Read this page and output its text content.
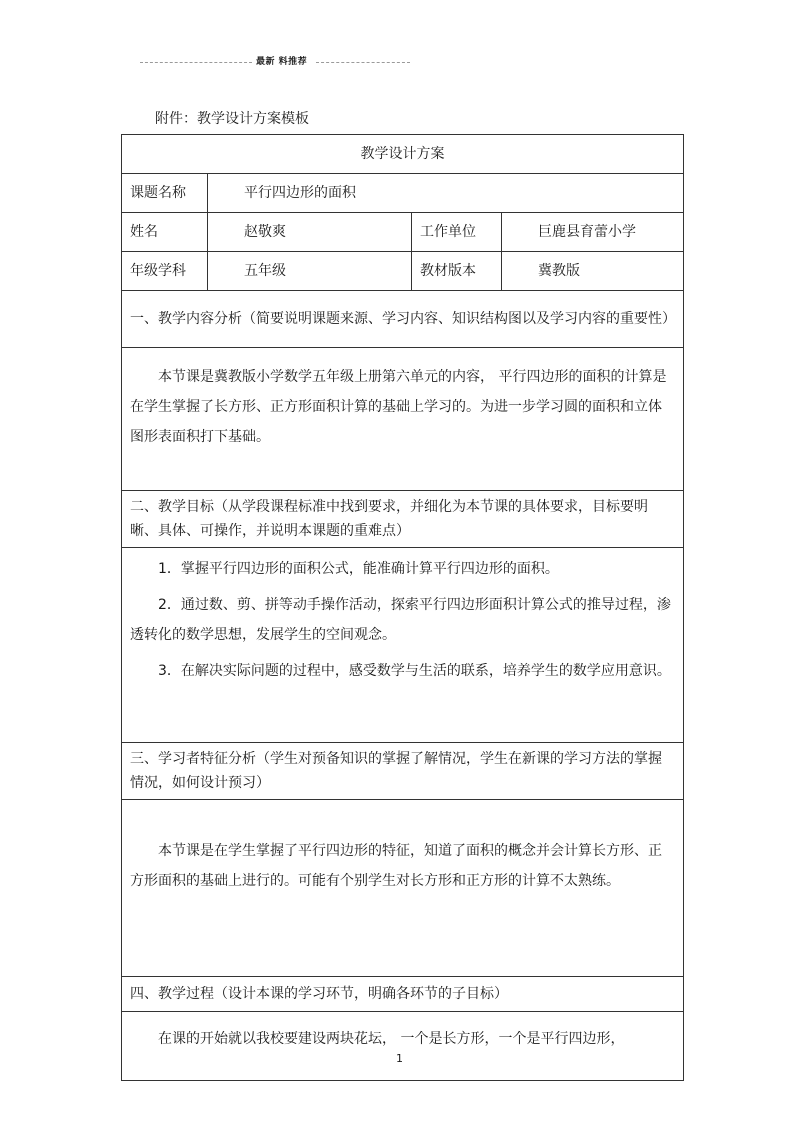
最新 料推荐
附件：教学设计方案模板
教学设计方案			
课题名称	平行四边形的面积		
姓名	赵敬爽	工作单位	巨鹿县育蕾小学
年级学科	五年级	教材版本	冀教版
一、教学内容分析（简要说明课题来源、学习内容、知识结构图以及学习内容的重要性）			

本节课是冀教版小学数学五年级上册第六单元的内容， 平行四边形的面积的计算是在学生掌握了长方形、正方形面积计算的基础上学习的。为进一步学习圆的面积和立体图形表面积打下基础。			

二、教学目标（从学段课程标准中找到要求，并细化为本节课的具体要求，目标要明晰、具体、可操作，并说明本课题的重难点）			

1．掌握平行四边形的面积公式，能准确计算平行四边形的面积。
2．通过数、剪、拼等动手操作活动，探索平行四边形面积计算公式的推导过程，渗透转化的数学思想，发展学生的空间观念。
3．在解决实际问题的过程中，感受数学与生活的联系，培养学生的数学应用意识。			

三、学习者特征分析（学生对预备知识的掌握了解情况，学生在新课的学习方法的掌握情况，如何设计预习）			

本节课是在学生掌握了平行四边形的特征，知道了面积的概念并会计算长方形、正方形面积的基础上进行的。可能有个别学生对长方形和正方形的计算不太熟练。			

四、教学过程（设计本课的学习环节，明确各环节的子目标）			

在课的开始就以我校要建设两块花坛， 一个是长方形，一个是平行四边形，			
1
